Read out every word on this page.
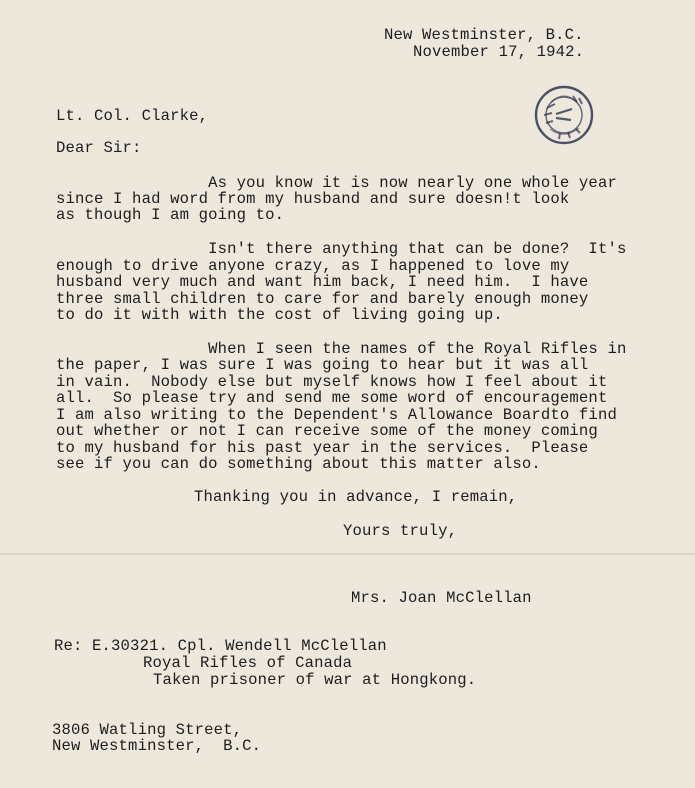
New Westminster, B.C.
November 17, 1942.
Lt. Col. Clarke,
Dear Sir:
As you know it is now nearly one whole year
since I had word from my husband and sure doesn!t look
as though I am going to.
Isn't there anything that can be done?  It's
enough to drive anyone crazy, as I happened to love my
husband very much and want him back, I need him.  I have
three small children to care for and barely enough money
to do it with with the cost of living going up.
When I seen the names of the Royal Rifles in
the paper, I was sure I was going to hear but it was all
in vain.  Nobody else but myself knows how I feel about it
all.  So please try and send me some word of encouragement
I am also writing to the Dependent's Allowance Boardto find
out whether or not I can receive some of the money coming
to my husband for his past year in the services.  Please
see if you can do something about this matter also.
Thanking you in advance, I remain,
Yours truly,
Mrs. Joan McClellan
Re: E.30321. Cpl. Wendell McClellan
Royal Rifles of Canada
Taken prisoner of war at Hongkong.
3806 Watling Street,
New Westminster,  B.C.
